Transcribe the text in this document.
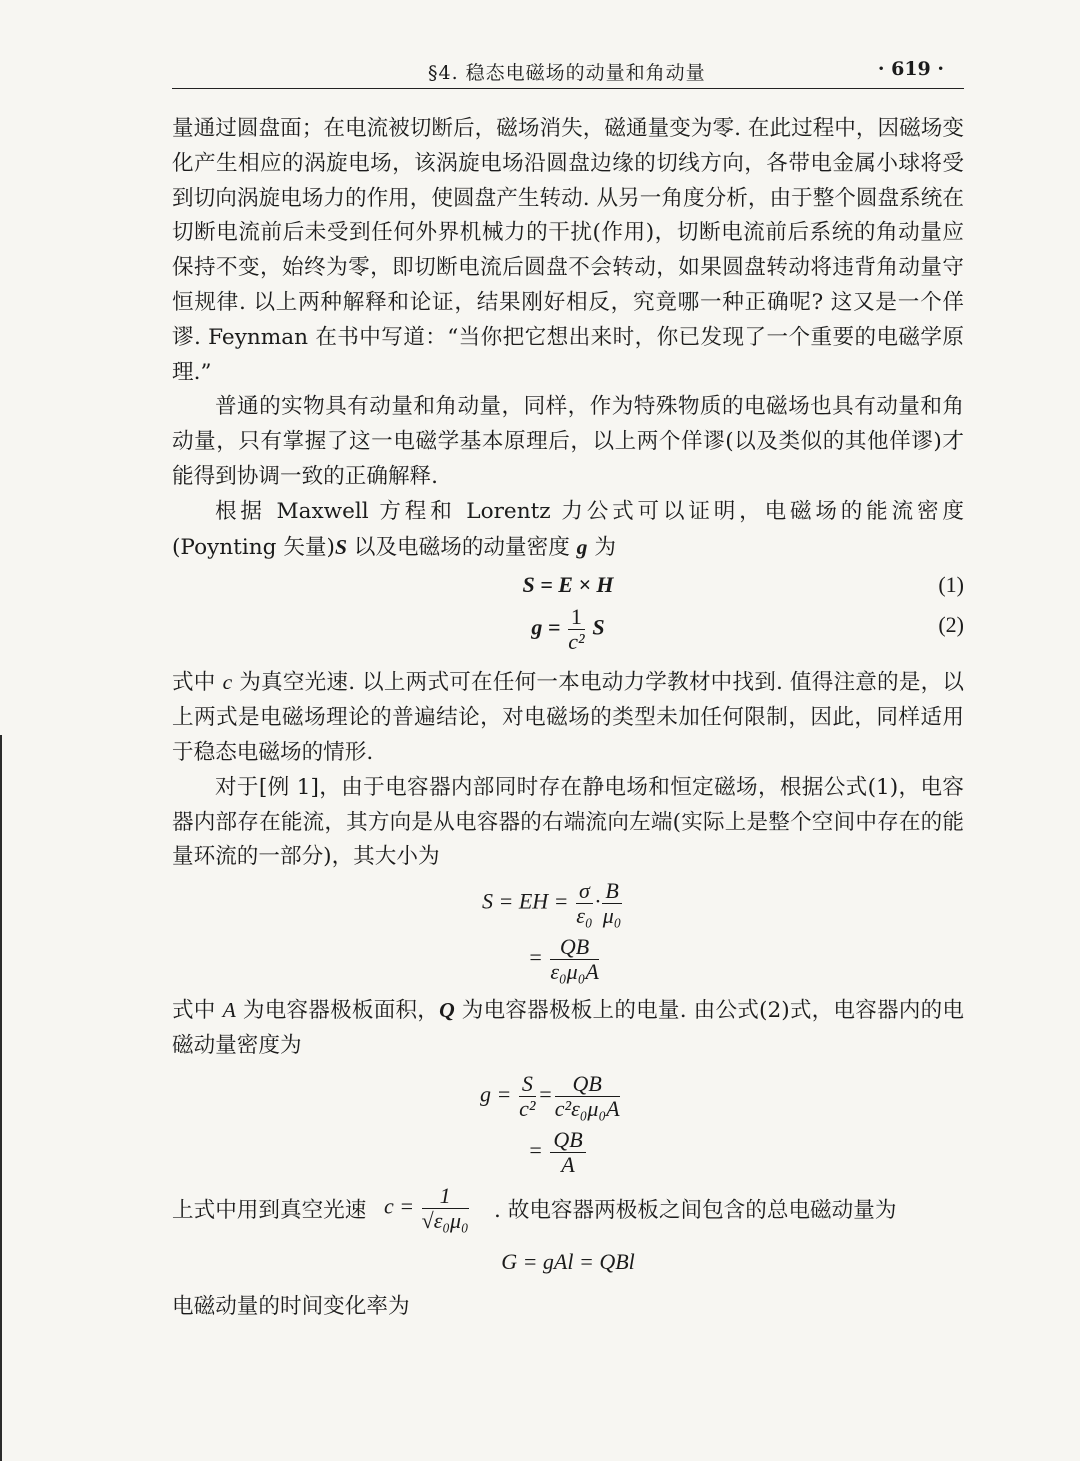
§4. 稳态电磁场的动量和角动量	· 619 ·

量通过圆盘面；在电流被切断后，磁场消失，磁通量变为零. 在此过程中，因磁场变化产生相应的涡旋电场，该涡旋电场沿圆盘边缘的切线方向，各带电金属小球将受到切向涡旋电场力的作用，使圆盘产生转动. 从另一角度分析，由于整个圆盘系统在切断电流前后未受到任何外界机械力的干扰(作用)，切断电流前后系统的角动量应保持不变，始终为零，即切断电流后圆盘不会转动，如果圆盘转动将违背角动量守恒规律. 以上两种解释和论证，结果刚好相反，究竟哪一种正确呢? 这又是一个佯谬. Feynman 在书中写道：“当你把它想出来时，你已发现了一个重要的电磁学原理.”

普通的实物具有动量和角动量，同样，作为特殊物质的电磁场也具有动量和角动量，只有掌握了这一电磁学基本原理后，以上两个佯谬(以及类似的其他佯谬)才能得到协调一致的正确解释.

根据 Maxwell 方程和 Lorentz 力公式可以证明，电磁场的能流密度(Poynting 矢量)S 以及电磁场的动量密度 g 为

S = E × H	(1)
$g = \frac{1}{\text{c²}}$ S	(2)

式中 c 为真空光速. 以上两式可在任何一本电动力学教材中找到. 值得注意的是，以上两式是电磁场理论的普遍结论，对电磁场的类型未加任何限制，因此，同样适用于稳态电磁场的情形.

对于[例 1]，由于电容器内部同时存在静电场和恒定磁场，根据公式(1)，电容器内部存在能流，其方向是从电容器的右端流向左端(实际上是整个空间中存在的能量环流的一部分)，其大小为

S = EH = $\frac{\sigma}{\text{ε₀}} \cdot \frac{B}{\text{μ₀}}$
= $\frac{QB}{\text{ε₀μ₀A}}$

式中 A 为电容器极板面积，Q 为电容器极板上的电量. 由公式(2)式，电容器内的电磁动量密度为

$g = \frac{S}{\text{c²}} = \frac{QB}{\text{c²ε₀μ₀A}}$
= $\frac{QB}{A}$
上式中用到真空光速 $c = \frac{1}{\text{√ε₀μ₀}}$ . 故电容器两极板之间包含的总电磁动量为
G = gAl = QBl

电磁动量的时间变化率为
